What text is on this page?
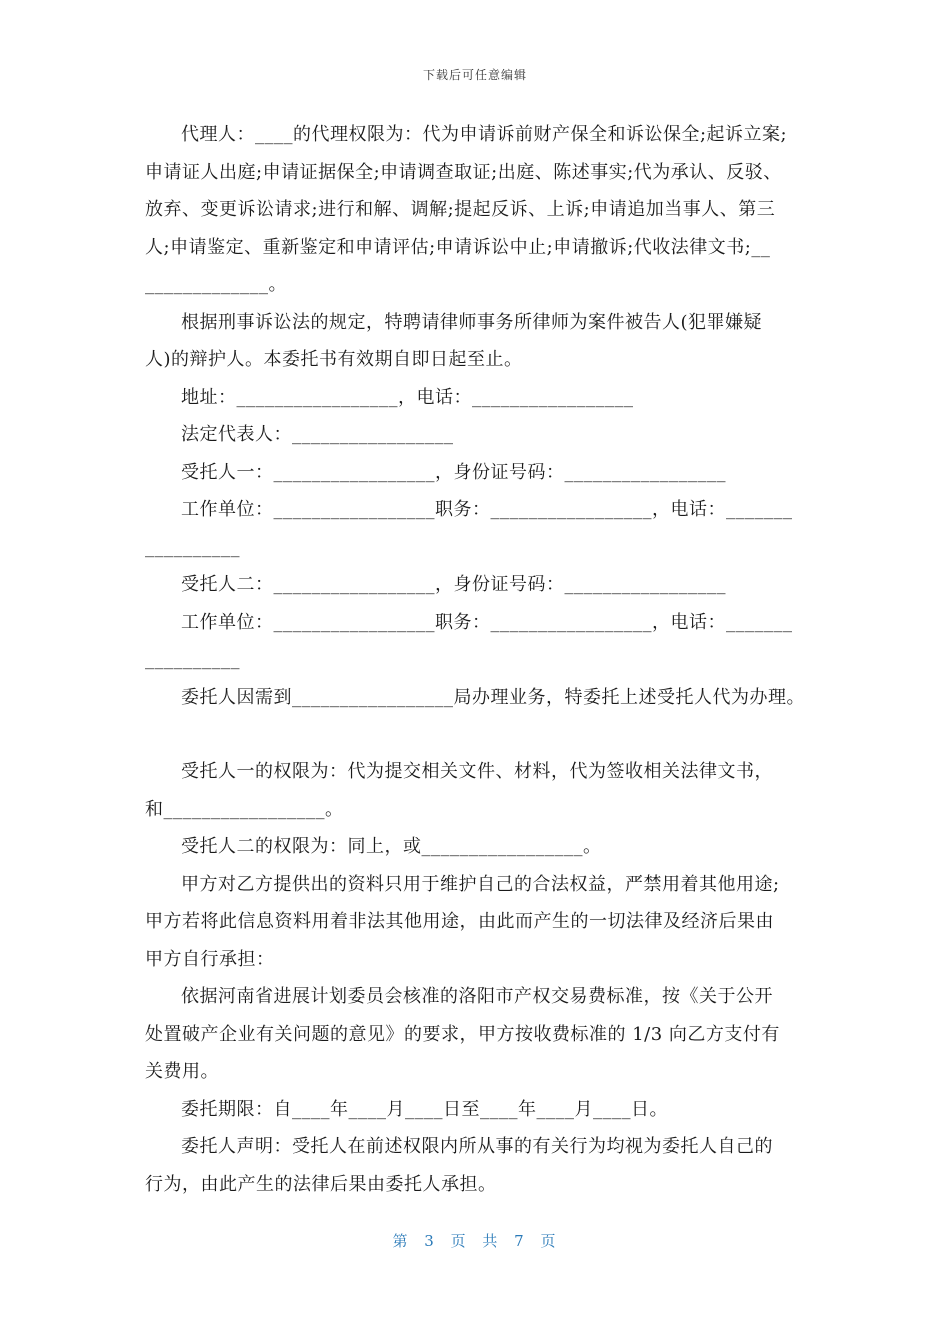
下载后可任意编辑
代理人：____的代理权限为：代为申请诉前财产保全和诉讼保全;起诉立案;
申请证人出庭;申请证据保全;申请调查取证;出庭、陈述事实;代为承认、反驳、
放弃、变更诉讼请求;进行和解、调解;提起反诉、上诉;申请追加当事人、第三
人;申请鉴定、重新鉴定和申请评估;申请诉讼中止;申请撤诉;代收法律文书;__
_____________。
根据刑事诉讼法的规定，特聘请律师事务所律师为案件被告人(犯罪嫌疑
人)的辩护人。本委托书有效期自即日起至止。
地址：_________________，电话：_________________
法定代表人：_________________
受托人一：_________________，身份证号码：_________________
工作单位：_________________职务：_________________，电话：_______
__________
受托人二：_________________，身份证号码：_________________
工作单位：_________________职务：_________________，电话：_______
__________
委托人因需到_________________局办理业务，特委托上述受托人代为办理。
受托人一的权限为：代为提交相关文件、材料，代为签收相关法律文书，
和_________________。
受托人二的权限为：同上，或_________________。
甲方对乙方提供出的资料只用于维护自己的合法权益，严禁用着其他用途;
甲方若将此信息资料用着非法其他用途，由此而产生的一切法律及经济后果由
甲方自行承担：
依据河南省进展计划委员会核准的洛阳市产权交易费标准，按《关于公开
处置破产企业有关问题的意见》的要求，甲方按收费标准的 1/3 向乙方支付有
关费用。
委托期限：自____年____月____日至____年____月____日。
委托人声明：受托人在前述权限内所从事的有关行为均视为委托人自己的
行为，由此产生的法律后果由委托人承担。
第 3 页 共 7 页
